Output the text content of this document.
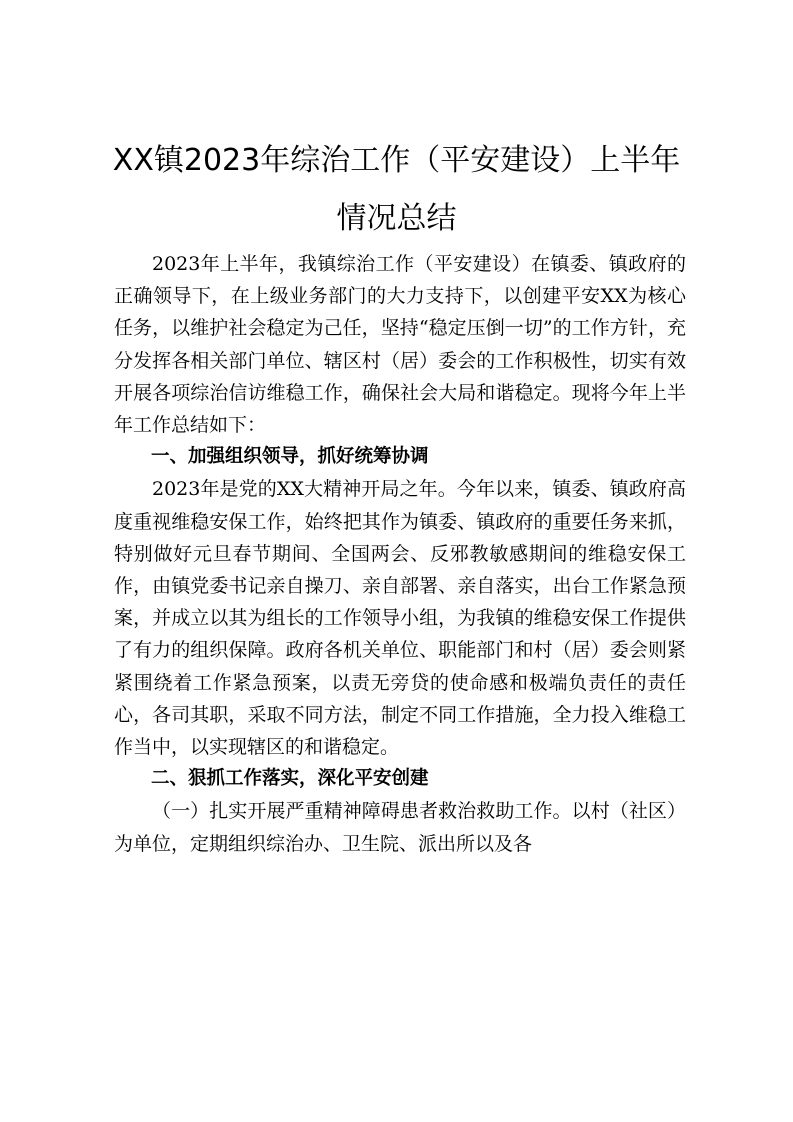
XX镇2023年综治工作（平安建设）上半年
情况总结

2023年上半年，我镇综治工作（平安建设）在镇委、镇政府的正确领导下，在上级业务部门的大力支持下，以创建平安XX为核心任务，以维护社会稳定为己任，坚持“稳定压倒一切”的工作方针，充分发挥各相关部门单位、辖区村（居）委会的工作积极性，切实有效开展各项综治信访维稳工作，确保社会大局和谐稳定。现将今年上半年工作总结如下：

一、加强组织领导，抓好统筹协调

2023年是党的XX大精神开局之年。今年以来，镇委、镇政府高度重视维稳安保工作，始终把其作为镇委、镇政府的重要任务来抓，特别做好元旦春节期间、全国两会、反邪教敏感期间的维稳安保工作，由镇党委书记亲自操刀、亲自部署、亲自落实，出台工作紧急预案，并成立以其为组长的工作领导小组，为我镇的维稳安保工作提供了有力的组织保障。政府各机关单位、职能部门和村（居）委会则紧紧围绕着工作紧急预案，以责无旁贷的使命感和极端负责任的责任心，各司其职，采取不同方法，制定不同工作措施，全力投入维稳工作当中，以实现辖区的和谐稳定。

二、狠抓工作落实，深化平安创建

（一）扎实开展严重精神障碍患者救治救助工作。以村（社区）为单位，定期组织综治办、卫生院、派出所以及各
